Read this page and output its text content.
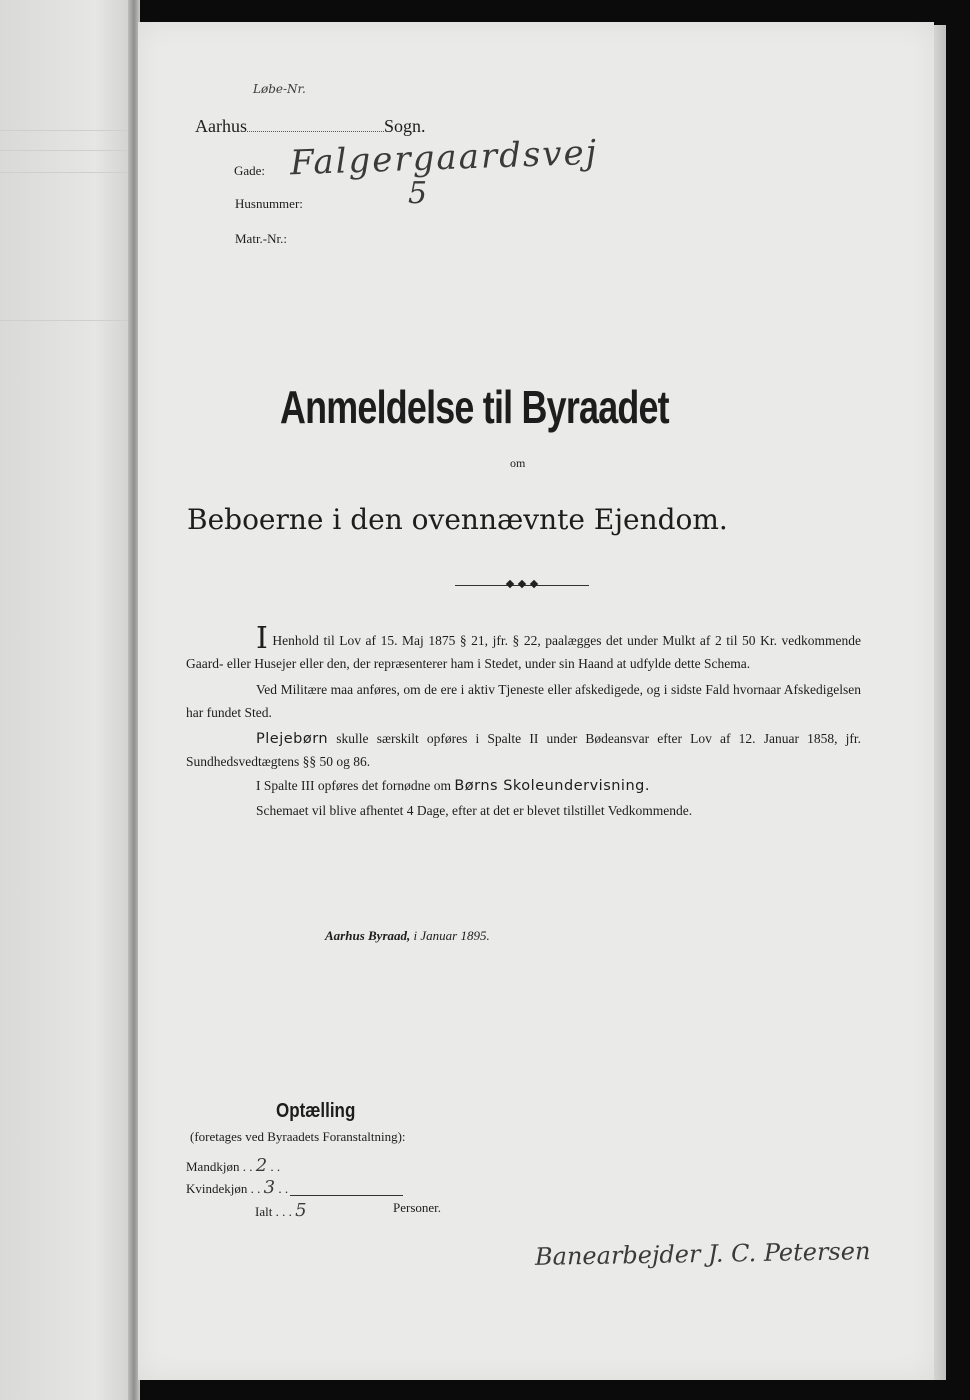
Løbe-Nr.
Aarhus	Sogn.
Gade: Falgergaardsvej
Husnummer:	5
Matr.-Nr.:
Anmeldelse til Byraadet
om
Beboerne i den ovennævnte Ejendom.

I Henhold til Lov af 15. Maj 1875 § 21, jfr. § 22, paalægges det under Mulkt af 2 til 50 Kr. vedkommende Gaard- eller Husejer eller den, der repræsenterer ham i Stedet, under sin Haand at udfylde dette Schema.

Ved Militære maa anføres, om de ere i aktiv Tjeneste eller afskedigede, og i sidste Fald hvornaar Afskedigelsen har fundet Sted.

Plejebørn skulle særskilt opføres i Spalte II under Bødeansvar efter Lov af 12. Januar 1858, jfr. Sundhedsvedtægtens §§ 50 og 86.

I Spalte III opføres det fornødne om Børns Skoleundervisning.

Schemaet vil blive afhentet 4 Dage, efter at det er blevet tilstillet Vedkommende.

Aarhus Byraad, i Januar 1895.
Optælling
(foretages ved Byraadets Foranstaltning):
Mandkjøn . . 2 . .
Kvindekjøn . . 3 . .
Ialt . . . 5	Personer.
Banearbejder J. C. Petersen
